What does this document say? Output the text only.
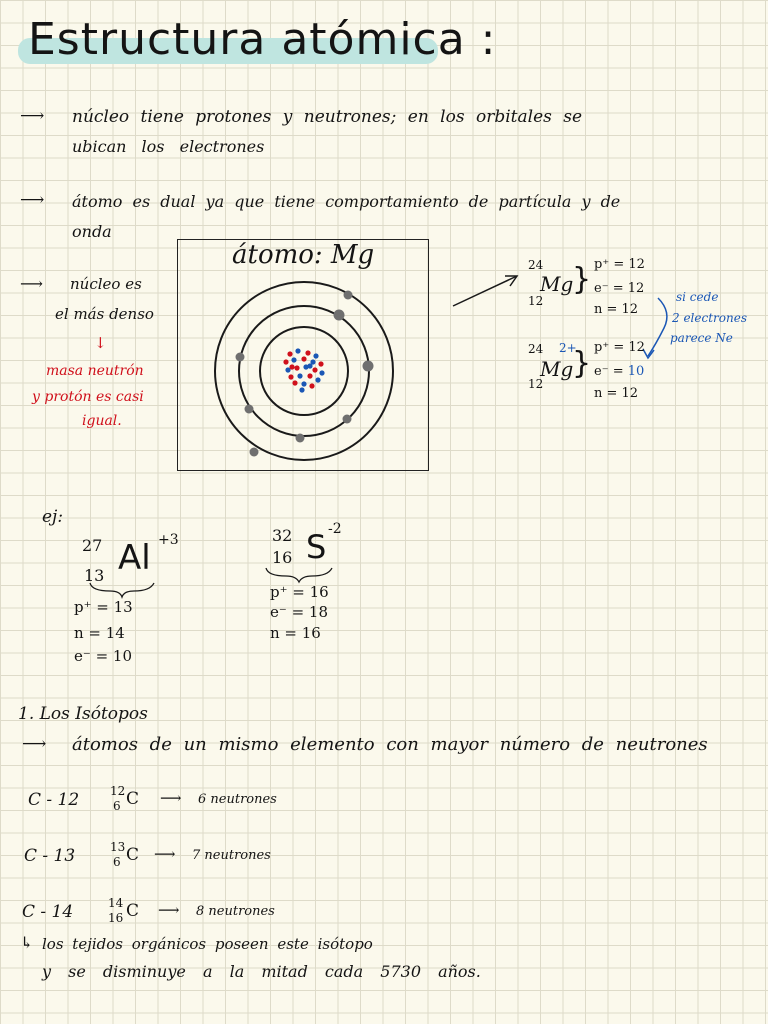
Estructura atómica :
⟶ núcleo tiene protones y neutrones; en los orbitales se
ubican los electrones
⟶ átomo es dual ya que tiene comportamiento de partícula y de
onda
⟶ núcleo es
el más denso
↓
masa neutrón
y protón es casi
igual.
átomo: Mg	24
12
Mg
} p⁺ = 12
e⁻ = 12
n = 12
24 2+
12
Mg
} p⁺ = 12
e⁻ = 10
n = 12
si cede
2 electrones
parece Ne
ej:
27
13 Al +3
p⁺ = 13
n = 14
e⁻ = 10
32
16 S -2
p⁺ = 16
e⁻ = 18
n = 16
1. Los Isótopos
⟶ átomos de un mismo elemento con mayor número de neutrones
C - 12	12
6 C ⟶ 6 neutrones
C - 13	13
6 C ⟶ 7 neutrones
C - 14	14
16 C ⟶ 8 neutrones
↳ los tejidos orgánicos poseen este isótopo
y se disminuye a la mitad cada 5730 años.
